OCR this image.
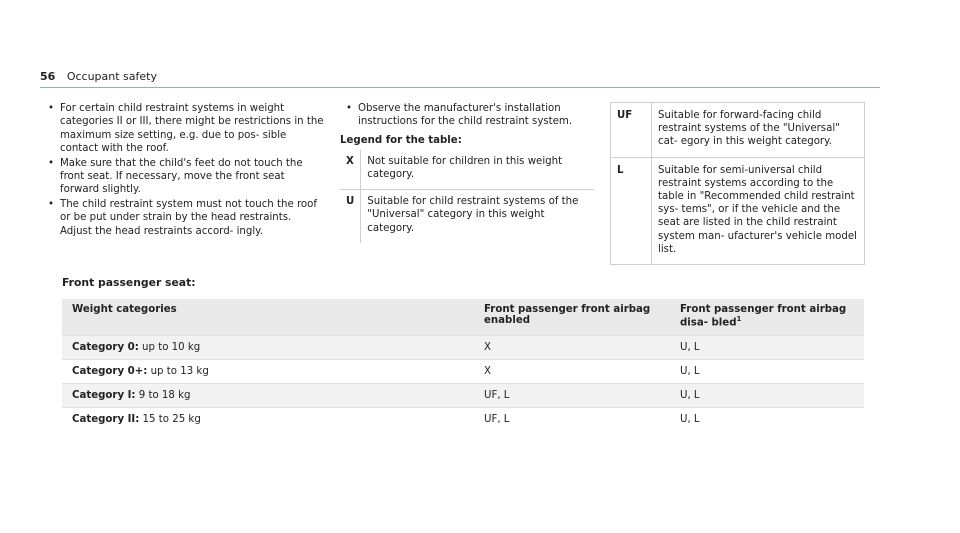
56 Occupant safety
• For certain child restraint systems in weight categories II or III, there might be restrictions in the maximum size setting, e.g. due to pos- sible contact with the roof.
• Make sure that the child's feet do not touch the front seat. If necessary, move the front seat forward slightly.
• The child restraint system must not touch the roof or be put under strain by the head restraints. Adjust the head restraints accord- ingly.
• Observe the manufacturer's installation instructions for the child restraint system.
Legend for the table:
X	Not suitable for children in this weight category.
U	Suitable for child restraint systems of the "Universal" category in this weight category.
UF	Suitable for forward-facing child restraint systems of the "Universal" cat- egory in this weight category.
L	Suitable for semi-universal child restraint systems according to the table in "Recommended child restraint sys- tems", or if the vehicle and the seat are listed in the child restraint system man- ufacturer's vehicle model list.
Front passenger seat:
Weight categories	Front passenger front airbag enabled	Front passenger front airbag disa- bled$^1$
Category 0: up to 10 kg	X	U, L
Category 0+: up to 13 kg	X	U, L
Category I: 9 to 18 kg	UF, L	U, L
Category II: 15 to 25 kg	UF, L	U, L
